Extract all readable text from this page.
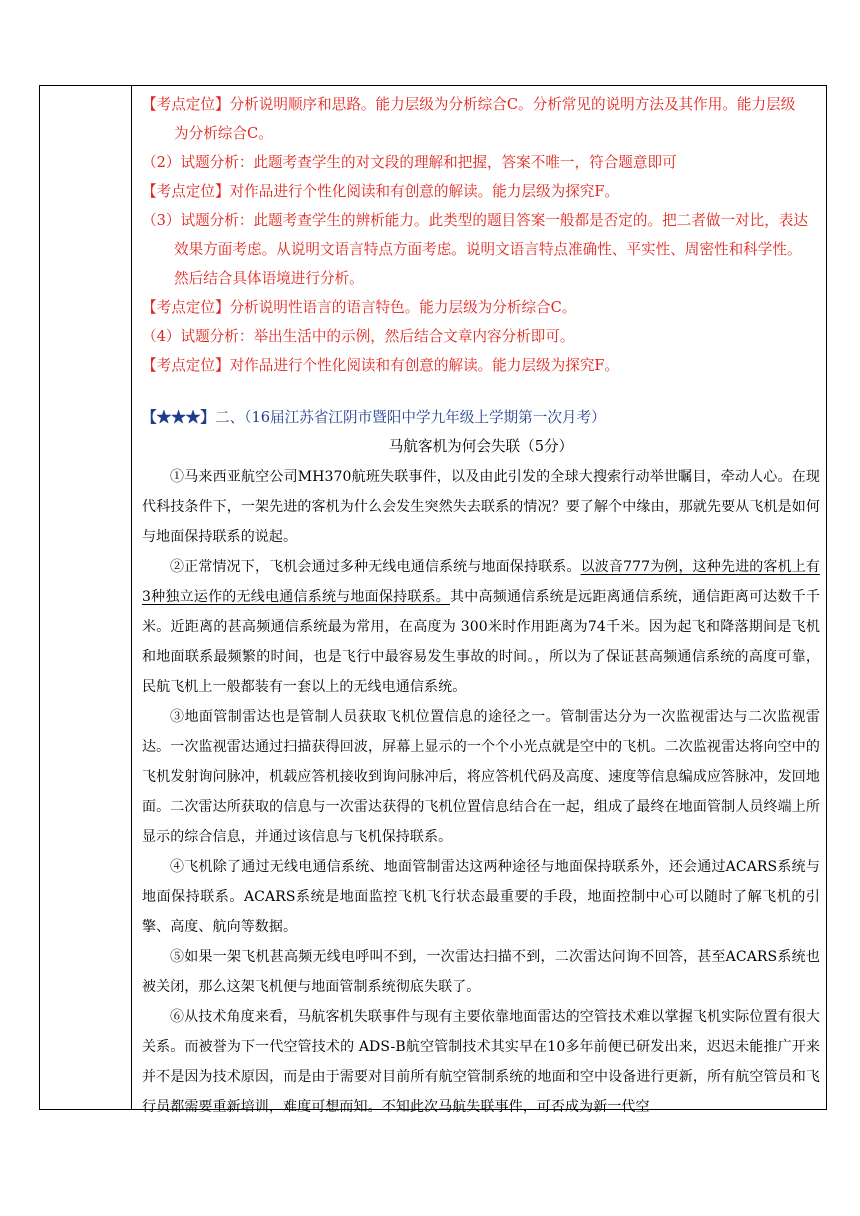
【考点定位】分析说明顺序和思路。能力层级为分析综合C。分析常见的说明方法及其作用。能力层级
为分析综合C。
（2）试题分析：此题考查学生的对文段的理解和把握，答案不唯一，符合题意即可
【考点定位】对作品进行个性化阅读和有创意的解读。能力层级为探究F。
（3）试题分析：此题考查学生的辨析能力。此类型的题目答案一般都是否定的。把二者做一对比，表达
效果方面考虑。从说明文语言特点方面考虑。说明文语言特点准确性、平实性、周密性和科学性。
然后结合具体语境进行分析。
【考点定位】分析说明性语言的语言特色。能力层级为分析综合C。
（4）试题分析：举出生活中的示例，然后结合文章内容分析即可。
【考点定位】对作品进行个性化阅读和有创意的解读。能力层级为探究F。
【★★★】二、（16届江苏省江阴市暨阳中学九年级上学期第一次月考）
马航客机为何会失联（5分）

①马来西亚航空公司MH370航班失联事件，以及由此引发的全球大搜索行动举世瞩目，牵动人心。在现代科技条件下，一架先进的客机为什么会发生突然失去联系的情况？要了解个中缘由，那就先要从飞机是如何与地面保持联系的说起。

②正常情况下，飞机会通过多种无线电通信系统与地面保持联系。以波音777为例，这种先进的客机上有3种独立运作的无线电通信系统与地面保持联系。其中高频通信系统是远距离通信系统，通信距离可达数千千米。近距离的甚高频通信系统最为常用，在高度为 300米时作用距离为74千米。因为起飞和降落期间是飞机和地面联系最频繁的时间，也是飞行中最容易发生事故的时间。，所以为了保证甚高频通信系统的高度可靠，民航飞机上一般都装有一套以上的无线电通信系统。

③地面管制雷达也是管制人员获取飞机位置信息的途径之一。管制雷达分为一次监视雷达与二次监视雷达。一次监视雷达通过扫描获得回波，屏幕上显示的一个个小光点就是空中的飞机。二次监视雷达将向空中的飞机发射询问脉冲，机载应答机接收到询问脉冲后，将应答机代码及高度、速度等信息编成应答脉冲，发回地面。二次雷达所获取的信息与一次雷达获得的飞机位置信息结合在一起，组成了最终在地面管制人员终端上所显示的综合信息，并通过该信息与飞机保持联系。

④飞机除了通过无线电通信系统、地面管制雷达这两种途径与地面保持联系外，还会通过ACARS系统与地面保持联系。ACARS系统是地面监控飞机飞行状态最重要的手段，地面控制中心可以随时了解飞机的引擎、高度、航向等数据。

⑤如果一架飞机甚高频无线电呼叫不到，一次雷达扫描不到，二次雷达问询不回答，甚至ACARS系统也被关闭，那么这架飞机便与地面管制系统彻底失联了。

⑥从技术角度来看，马航客机失联事件与现有主要依靠地面雷达的空管技术难以掌握飞机实际位置有很大关系。而被誉为下一代空管技术的 ADS-B航空管制技术其实早在10多年前便已研发出来，迟迟未能推广开来并不是因为技术原因，而是由于需要对目前所有航空管制系统的地面和空中设备进行更新，所有航空管员和飞行员都需要重新培训，难度可想而知。不知此次马航失联事件，可否成为新一代空
